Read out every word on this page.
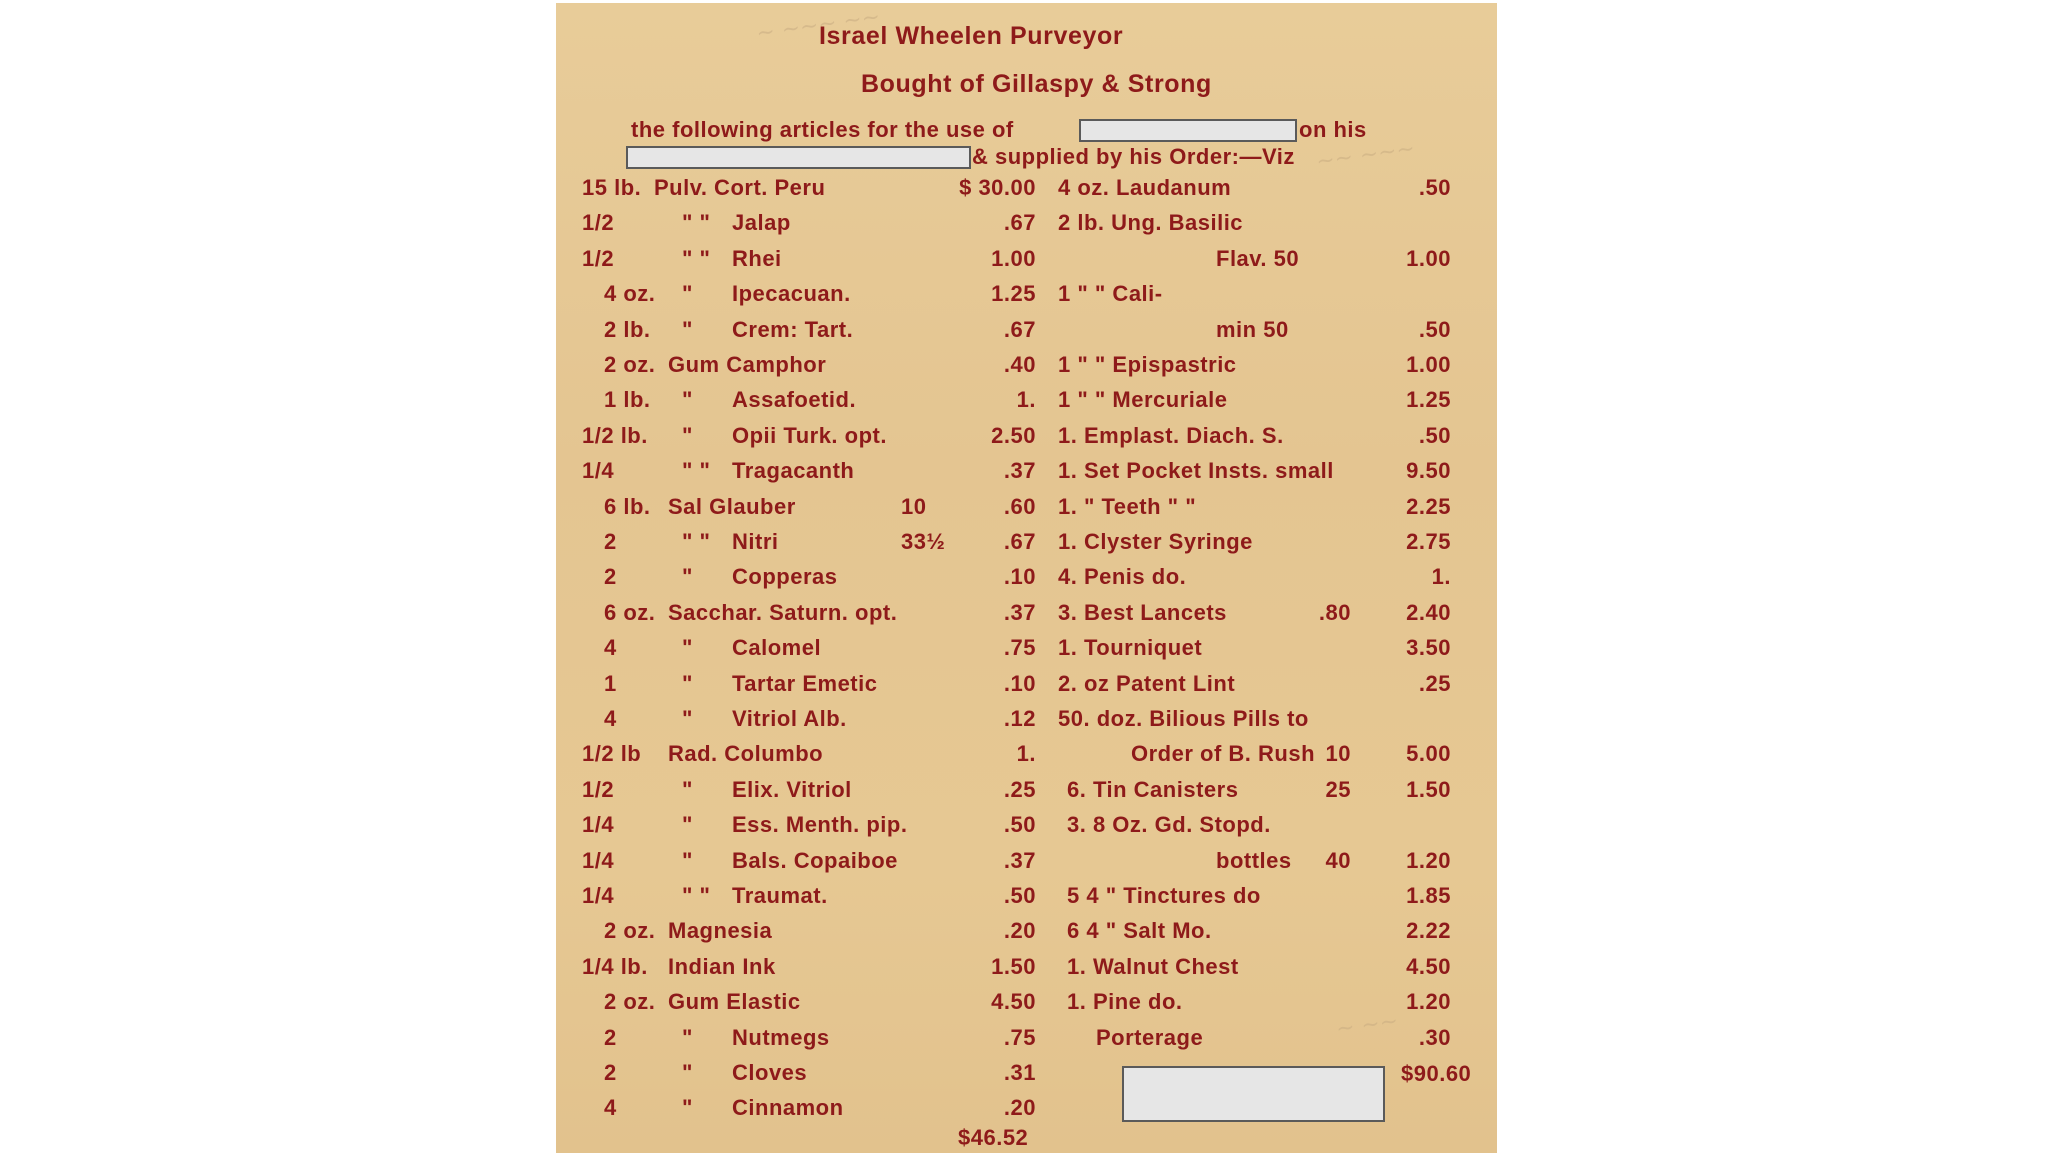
~ ~~~ ~~
~~ ~~~
~ ~~
Israel Wheelen Purveyor
Bought of Gillaspy & Strong
the following articles for the use of	on his
& supplied by his Order:—Viz
15 lb. Pulv. Cort. Peru	$ 30.00
1/2	" " Jalap	.67
1/2	" " Rhei	1.00
4 oz. " Ipecacuan.	1.25
2 lb. " Crem: Tart.	.67
2 oz. Gum Camphor	.40
1 lb. " Assafoetid.	1.
1/2 lb. " Opii Turk. opt.	2.50
1/4	" " Tragacanth	.37
6 lb. Sal Glauber	10	.60
2	" " Nitri	33½	.67
2	" Copperas	.10
6 oz. Sacchar. Saturn. opt.	.37
4	" Calomel	.75
1	" Tartar Emetic	.10
4	" Vitriol Alb.	.12
1/2 lb Rad. Columbo	1.
1/2	" Elix. Vitriol	.25
1/4	" Ess. Menth. pip.	.50
1/4	" Bals. Copaiboe	.37
1/4	" " Traumat.	.50
2 oz. Magnesia	.20
1/4 lb. Indian Ink	1.50
2 oz. Gum Elastic	4.50
2	" Nutmegs	.75
2	" Cloves	.31
4	" Cinnamon	.20
$46.52
4 oz. Laudanum	.50
2 lb. Ung. Basilic
Flav. 50	1.00
1 " " Cali-
min 50	.50
1 " " Epispastric	1.00
1 " " Mercuriale	1.25
1. Emplast. Diach. S.	.50
1. Set Pocket Insts. small	9.50
1. " Teeth " "	2.25
1. Clyster Syringe	2.75
4. Penis do.	1.
3. Best Lancets	.80	2.40
1. Tourniquet	3.50
2. oz Patent Lint	.25
50. doz. Bilious Pills to
Order of B. Rush 10	5.00
6. Tin Canisters	25	1.50
3. 8 Oz. Gd. Stopd.
bottles	40	1.20
5 4 " Tinctures do	1.85
6 4 " Salt Mo.	2.22
1. Walnut Chest	4.50
1. Pine do.	1.20
Porterage	.30
$90.60
